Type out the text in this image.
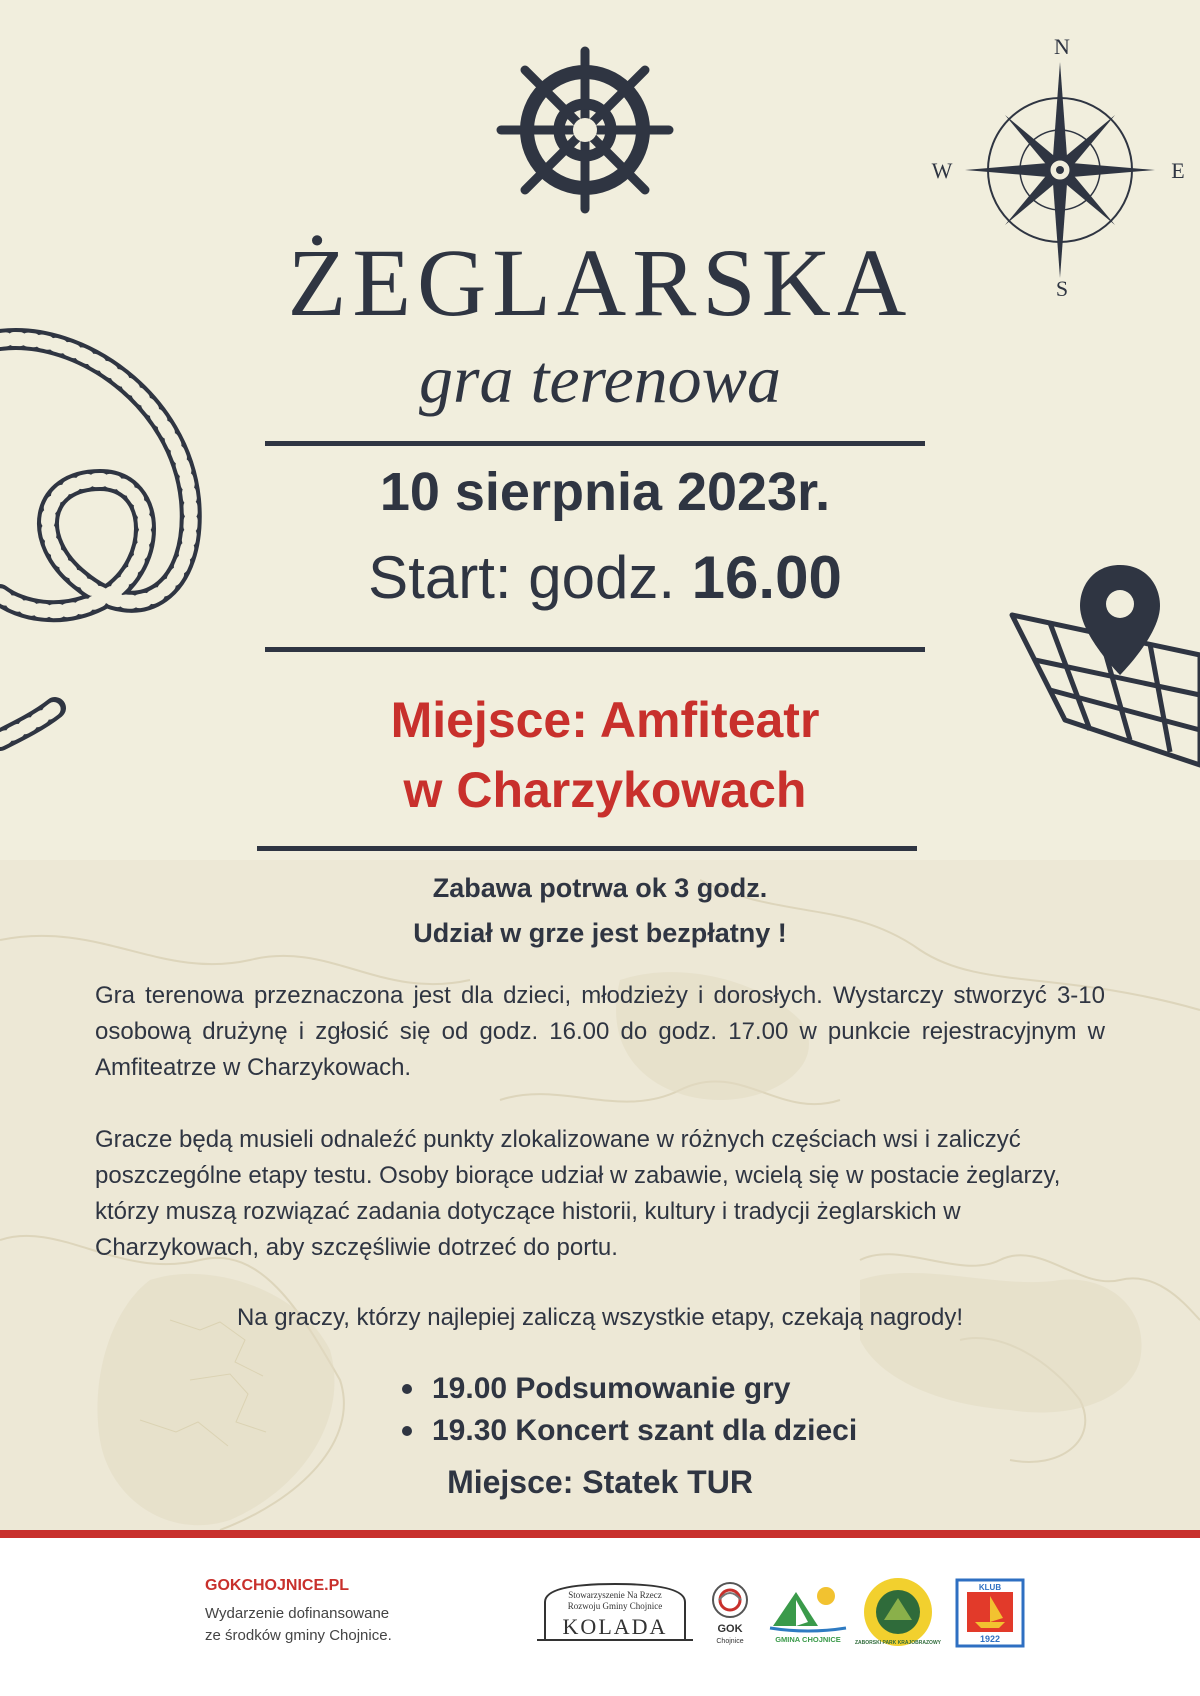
N
S
E
W
ŻEGLARSKA
gra terenowa
10 sierpnia 2023r.
Start: godz. 16.00
Miejsce: Amfiteatr
w Charzykowach
Zabawa potrwa ok 3 godz.
Udział w grze jest bezpłatny !
Gra terenowa przeznaczona jest dla dzieci, młodzieży i dorosłych. Wystarczy stworzyć 3-10 osobową drużynę i zgłosić się od godz. 16.00 do godz. 17.00 w punkcie rejestracyjnym w Amfiteatrze w Charzykowach.
Gracze będą musieli odnaleźć punkty zlokalizowane w różnych częściach wsi i zaliczyć poszczególne etapy testu. Osoby biorące udział w zabawie, wcielą się w postacie żeglarzy, którzy muszą rozwiązać zadania dotyczące historii, kultury i tradycji żeglarskich w Charzykowach, aby szczęśliwie dotrzeć do portu.
Na graczy, którzy najlepiej zaliczą wszystkie etapy, czekają nagrody!
19.00 Podsumowanie gry
19.30 Koncert szant dla dzieci
Miejsce: Statek TUR
GOKCHOJNICE.PL
Wydarzenie dofinansowane
ze środków gminy Chojnice.
Stowarzyszenie Na Rzecz
Rozwoju Gminy Chojnice
KOLADA	GOK
Chojnice	GMINA CHOJNICE	ZABORSKI PARK KRAJOBRAZOWY
KLUB
1922
